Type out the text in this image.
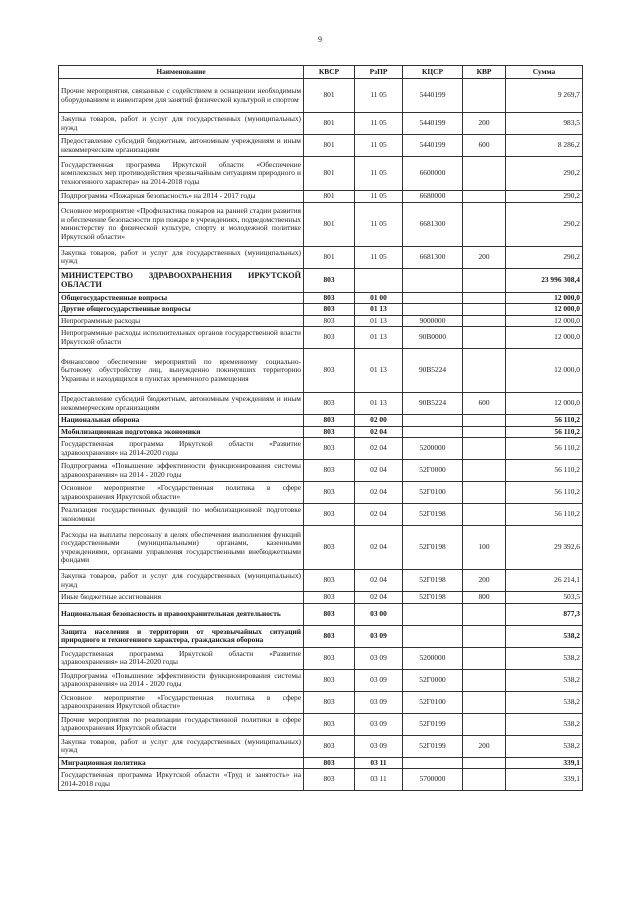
9
Наименование	КВСР	РзПР	КЦСР	КВР	Сумма
Прочие мероприятия, связанные с содействием в оснащении необходимым оборудованием и инвентарем для занятий физической культурой и спортом	801	11 05	5440199		9 269,7
Закупка товаров, работ и услуг для государственных (муниципальных) нужд	801	11 05	5440199	200	983,5
Предоставление субсидий бюджетным, автономным учреждениям и иным некоммерческим организациям	801	11 05	5440199	600	8 286,2
Государственная программа Иркутской области «Обеспечение комплексных мер противодействия чрезвычайным ситуациям природного и техногенного характера» на 2014-2018 годы	801	11 05	6600000		290,2
Подпрограмма «Пожарная безопасность» на 2014 - 2017 годы	801	11 05	6680000		290,2
Основное мероприятие «Профилактика пожаров на ранней стадии развития и обеспечение безопасности при пожаре в учреждениях, подведомственных министерству по физической культуре, спорту и молодежной политике Иркутской области»	801	11 05	6681300		290,2
Закупка товаров, работ и услуг для государственных (муниципальных) нужд	801	11 05	6681300	200	290,2
МИНИСТЕРСТВО ЗДРАВООХРАНЕНИЯ ИРКУТСКОЙ ОБЛАСТИ	803				23 996 308,4
Общегосударственные вопросы	803	01 00			12 000,0
Другие общегосударственные вопросы	803	01 13			12 000,0
Непрограммные расходы	803	01 13	9000000		12 000,0
Непрограммные расходы исполнительных органов государственной власти Иркутской области	803	01 13	90В0000		12 000,0
Финансовое обеспечение мероприятий по временному социально-бытовому обустройству лиц, вынужденно покинувших территорию Украины и находящихся в пунктах временного размещения	803	01 13	90В5224		12 000,0
Предоставление субсидий бюджетным, автономным учреждениям и иным некоммерческим организациям	803	01 13	90В5224	600	12 000,0
Национальная оборона	803	02 00			56 110,2
Мобилизационная подготовка экономики	803	02 04			56 110,2
Государственная программа Иркутской области «Развитие здравоохранения» на 2014-2020 годы	803	02 04	5200000		56 110,2
Подпрограмма «Повышение эффективности функционирования системы здравоохранения» на 2014 - 2020 годы	803	02 04	52Г0000		56 110,2
Основное мероприятие «Государственная политика в сфере здравоохранения Иркутской области»	803	02 04	52Г0100		56 110,2
Реализация государственных функций по мобилизационной подготовке экономики	803	02 04	52Г0198		56 110,2
Расходы на выплаты персоналу в целях обеспечения выполнения функций государственными (муниципальными) органами, казенными учреждениями, органами управления государственными внебюджетными фондами	803	02 04	52Г0198	100	29 392,6
Закупка товаров, работ и услуг для государственных (муниципальных) нужд	803	02 04	52Г0198	200	26 214,1
Иные бюджетные ассигнования	803	02 04	52Г0198	800	503,5
Национальная безопасность и правоохранительная деятельность	803	03 00			877,3
Защита населения и территории от чрезвычайных ситуаций природного и техногенного характера, гражданская оборона	803	03 09			538,2
Государственная программа Иркутской области «Развитие здравоохранения» на 2014-2020 годы	803	03 09	5200000		538,2
Подпрограмма «Повышение эффективности функционирования системы здравоохранения» на 2014 - 2020 годы	803	03 09	52Г0000		538,2
Основное мероприятие «Государственная политика в сфере здравоохранения Иркутской области»	803	03 09	52Г0100		538,2
Прочие мероприятия по реализации государственной политики в сфере здравоохранения Иркутской области	803	03 09	52Г0199		538,2
Закупка товаров, работ и услуг для государственных (муниципальных) нужд	803	03 09	52Г0199	200	538,2
Миграционная политика	803	03 11			339,1
Государственная программа Иркутской области «Труд и занятость» на 2014-2018 годы	803	03 11	5700000		339,1
